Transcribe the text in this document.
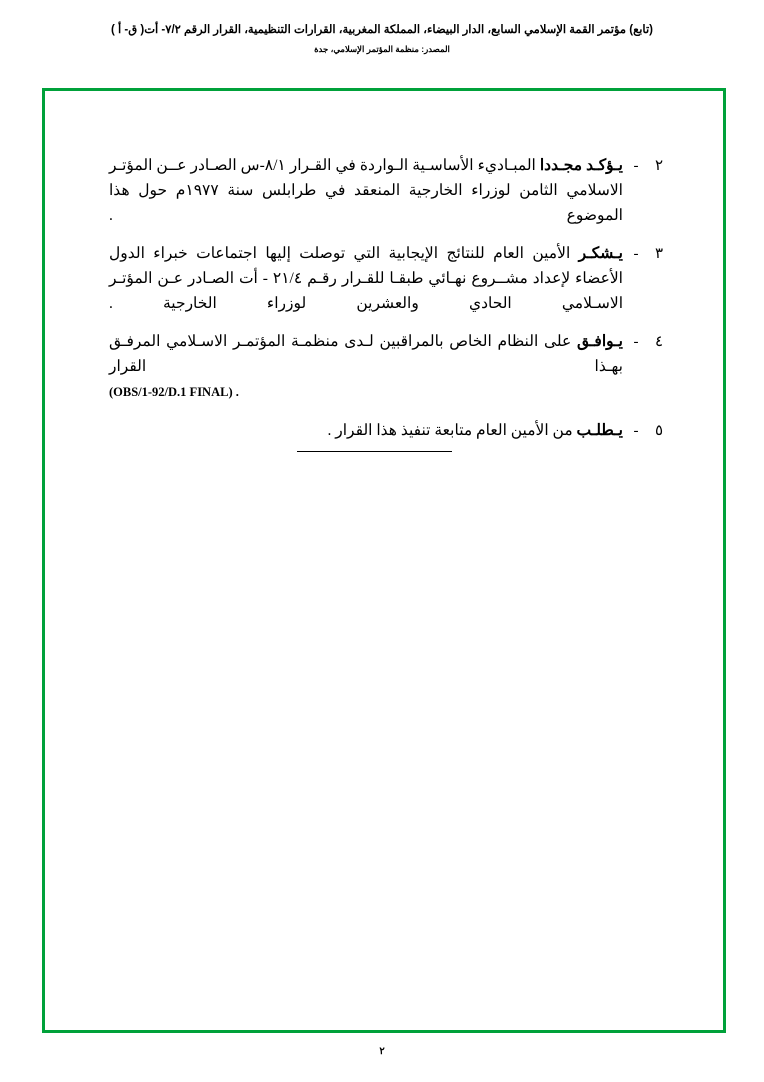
(تابع) مؤتمر القمة الإسلامي السابع، الدار البيضاء، المملكة المغربية، القرارات التنظيمية، القرار الرقم ٧/٢- أت( ق- أ )
المصدر: منظمة المؤتمر الإسلامي، جدة
٢
-
يـؤكـد مجـددا المبـاديء الأساسـية الـواردة في القـرار ٨/١-س الصـادر عــن المؤتـر الاسلامي الثامن لوزراء الخارجية المنعقد في طرابلس سنة ١٩٧٧م حول هذا الموضوع .
٣
-
يـشكـر الأمين العام للنتائج الإيجابية التي توصلت إليها اجتماعات خبراء الدول الأعضاء لإعداد مشــروع نهـائي طبقـا للقـرار رقـم ٢١/٤ - أت الصـادر عـن المؤتـر الاسـلامي الحادي والعشرين لوزراء الخارجية .
٤
-
يـوافـق على النظام الخاص بالمراقبين لـدى منظمـة المؤتمـر الاسـلامي المرفـق بهـذا القرار
(OBS/1-92/D.1 FINAL) .
٥
-
يـطلـب من الأمين العام متابعة تنفيذ هذا القرار .
٢
